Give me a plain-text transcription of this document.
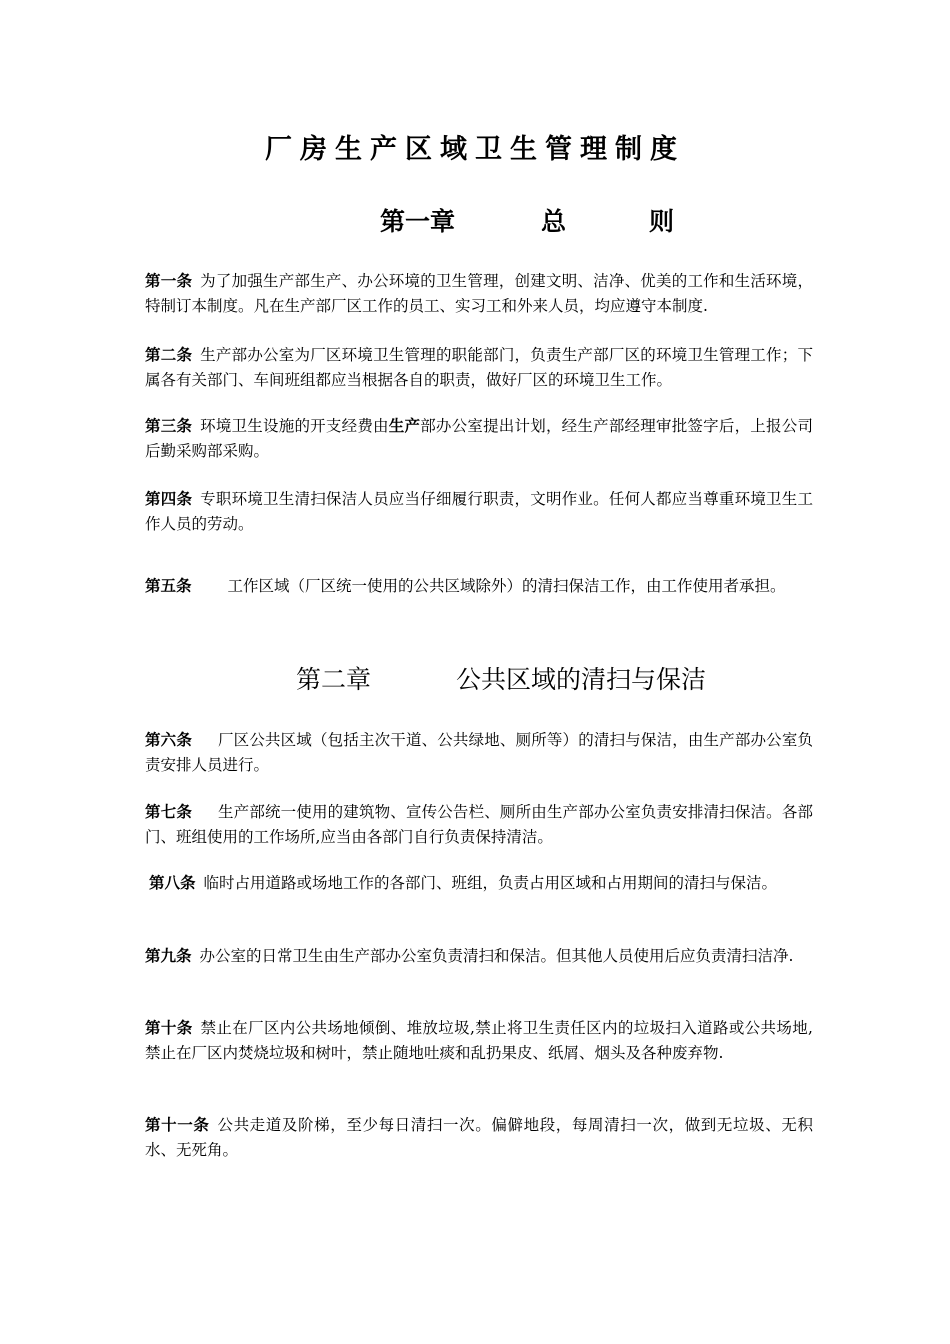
厂房生产区域卫生管理制度
第一章	总	则
第一条 为了加强生产部生产、办公环境的卫生管理，创建文明、洁净、优美的工作和生活环境，特制订本制度。凡在生产部厂区工作的员工、实习工和外来人员，均应遵守本制度.
第二条 生产部办公室为厂区环境卫生管理的职能部门，负责生产部厂区的环境卫生管理工作；下属各有关部门、车间班组都应当根据各自的职责，做好厂区的环境卫生工作。
第三条 环境卫生设施的开支经费由生产部办公室提出计划，经生产部经理审批签字后，上报公司后勤采购部采购。
第四条 专职环境卫生清扫保洁人员应当仔细履行职责，文明作业。任何人都应当尊重环境卫生工作人员的劳动。
第五条 工作区域（厂区统一使用的公共区域除外）的清扫保洁工作，由工作使用者承担。
第二章	公共区域的清扫与保洁
第六条 厂区公共区域（包括主次干道、公共绿地、厕所等）的清扫与保洁，由生产部办公室负责安排人员进行。
第七条 生产部统一使用的建筑物、宣传公告栏、厕所由生产部办公室负责安排清扫保洁。各部门、班组使用的工作场所,应当由各部门自行负责保持清洁。
第八条 临时占用道路或场地工作的各部门、班组，负责占用区域和占用期间的清扫与保洁。
第九条 办公室的日常卫生由生产部办公室负责清扫和保洁。但其他人员使用后应负责清扫洁净.
第十条 禁止在厂区内公共场地倾倒、堆放垃圾,禁止将卫生责任区内的垃圾扫入道路或公共场地,禁止在厂区内焚烧垃圾和树叶，禁止随地吐痰和乱扔果皮、纸屑、烟头及各种废弃物.
第十一条 公共走道及阶梯，至少每日清扫一次。偏僻地段，每周清扫一次，做到无垃圾、无积水、无死角。
